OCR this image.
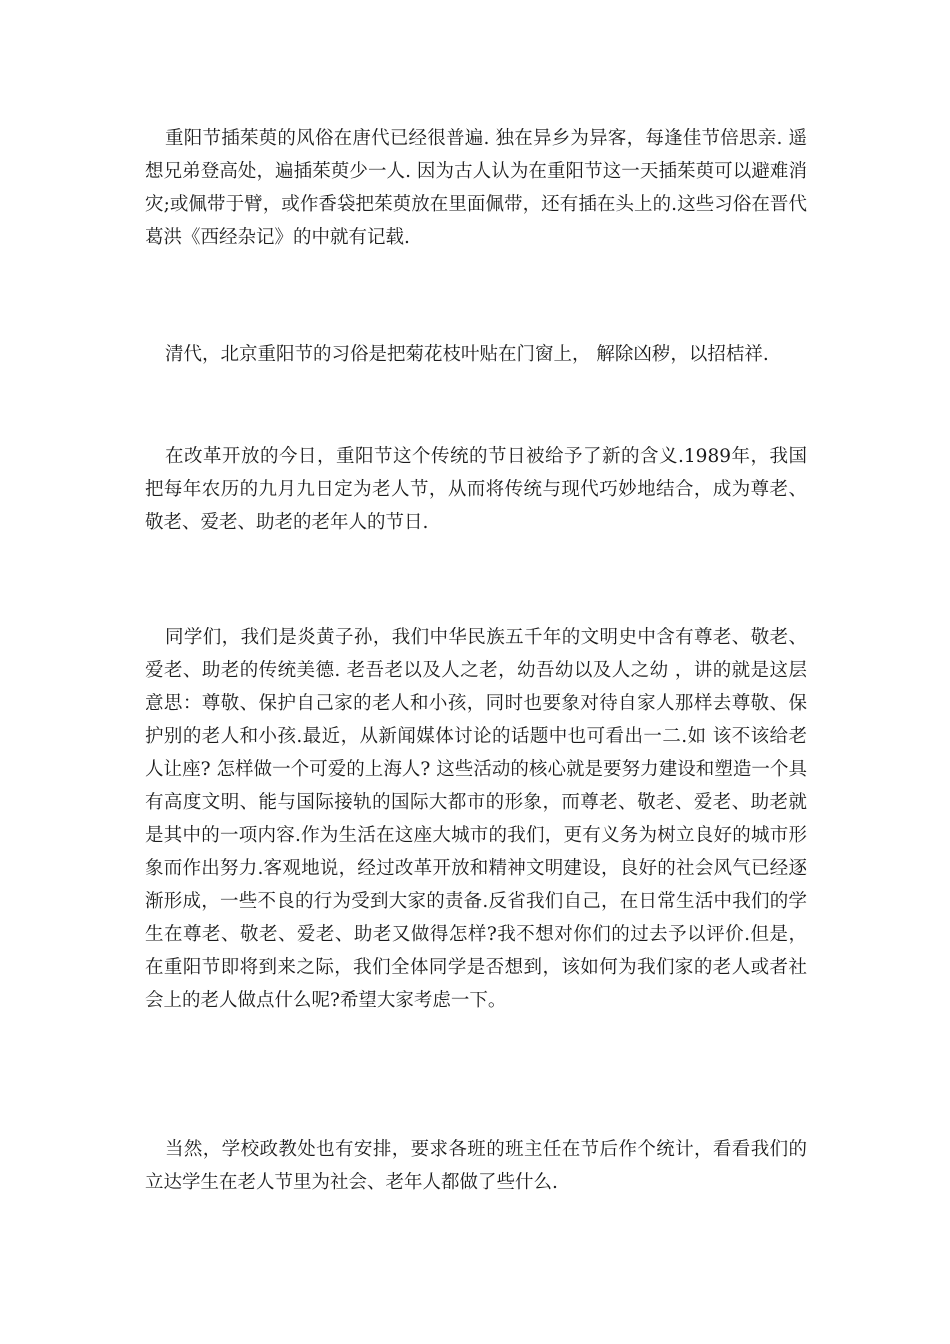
重阳节插茱萸的风俗在唐代已经很普遍. 独在异乡为异客，每逢佳节倍思亲. 遥想兄弟登高处，遍插茱萸少一人. 因为古人认为在重阳节这一天插茱萸可以避难消灾;或佩带于臂，或作香袋把茱萸放在里面佩带，还有插在头上的.这些习俗在晋代葛洪《西经杂记》的中就有记载.

清代，北京重阳节的习俗是把菊花枝叶贴在门窗上， 解除凶秽，以招桔祥.

在改革开放的今日，重阳节这个传统的节日被给予了新的含义.1989年，我国把每年农历的九月九日定为老人节，从而将传统与现代巧妙地结合，成为尊老、敬老、爱老、助老的老年人的节日.

同学们，我们是炎黄子孙，我们中华民族五千年的文明史中含有尊老、敬老、爱老、助老的传统美德. 老吾老以及人之老，幼吾幼以及人之幼 ，讲的就是这层意思：尊敬、保护自己家的老人和小孩，同时也要象对待自家人那样去尊敬、保护别的老人和小孩.最近，从新闻媒体讨论的话题中也可看出一二.如 该不该给老人让座? 怎样做一个可爱的上海人? 这些活动的核心就是要努力建设和塑造一个具有高度文明、能与国际接轨的国际大都市的形象，而尊老、敬老、爱老、助老就是其中的一项内容.作为生活在这座大城市的我们，更有义务为树立良好的城市形象而作出努力.客观地说，经过改革开放和精神文明建设，良好的社会风气已经逐渐形成，一些不良的行为受到大家的责备.反省我们自己，在日常生活中我们的学生在尊老、敬老、爱老、助老又做得怎样?我不想对你们的过去予以评价.但是，在重阳节即将到来之际，我们全体同学是否想到，该如何为我们家的老人或者社会上的老人做点什么呢?希望大家考虑一下。

当然，学校政教处也有安排，要求各班的班主任在节后作个统计，看看我们的立达学生在老人节里为社会、老年人都做了些什么.
